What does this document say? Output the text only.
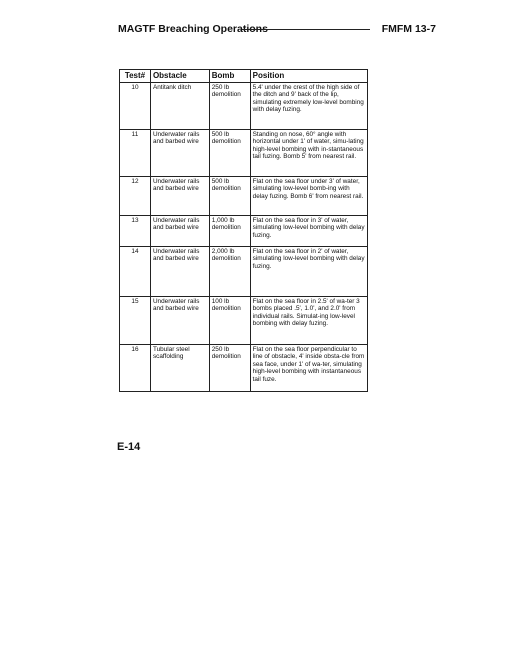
MAGTF Breaching Operations	FMFM 13-7
Test#	Obstacle	Bomb	Position
10	Antitank ditch	250 lb demolition	5.4' under the crest of the high side of the ditch and 9' back of the lip, simulating extremely low-level bombing with delay fuzing.
11	Underwater rails and barbed wire	500 lb demolition	Standing on nose, 60° angle with horizontal under 1' of water, simu-lating high-level bombing with in-stantaneous tail fuzing. Bomb 5' from nearest rail.
12	Underwater rails and barbed wire	500 lb demolition	Flat on the sea floor under 3' of water, simulating low-level bomb-ing with delay fuzing. Bomb 6' from nearest rail.
13	Underwater rails and barbed wire	1,000 lb demolition	Flat on the sea floor in 3' of water, simulating low-level bombing with delay fuzing.
14	Underwater rails and barbed wire	2,000 lb demolition	Flat on the sea floor in 2' of water, simulating low-level bombing with delay fuzing.
15	Underwater rails and barbed wire	100 lb demolition	Flat on the sea floor in 2.5' of wa-ter 3 bombs placed .5', 1.0', and 2.0' from individual rails. Simulat-ing low-level bombing with delay fuzing.
16	Tubular steel scaffolding	250 lb demolition	Flat on the sea floor perpendicular to line of obstacle, 4' inside obsta-cle from sea face, under 1' of wa-ter, simulating high-level bombing with instantaneous tail fuze.
E-14
